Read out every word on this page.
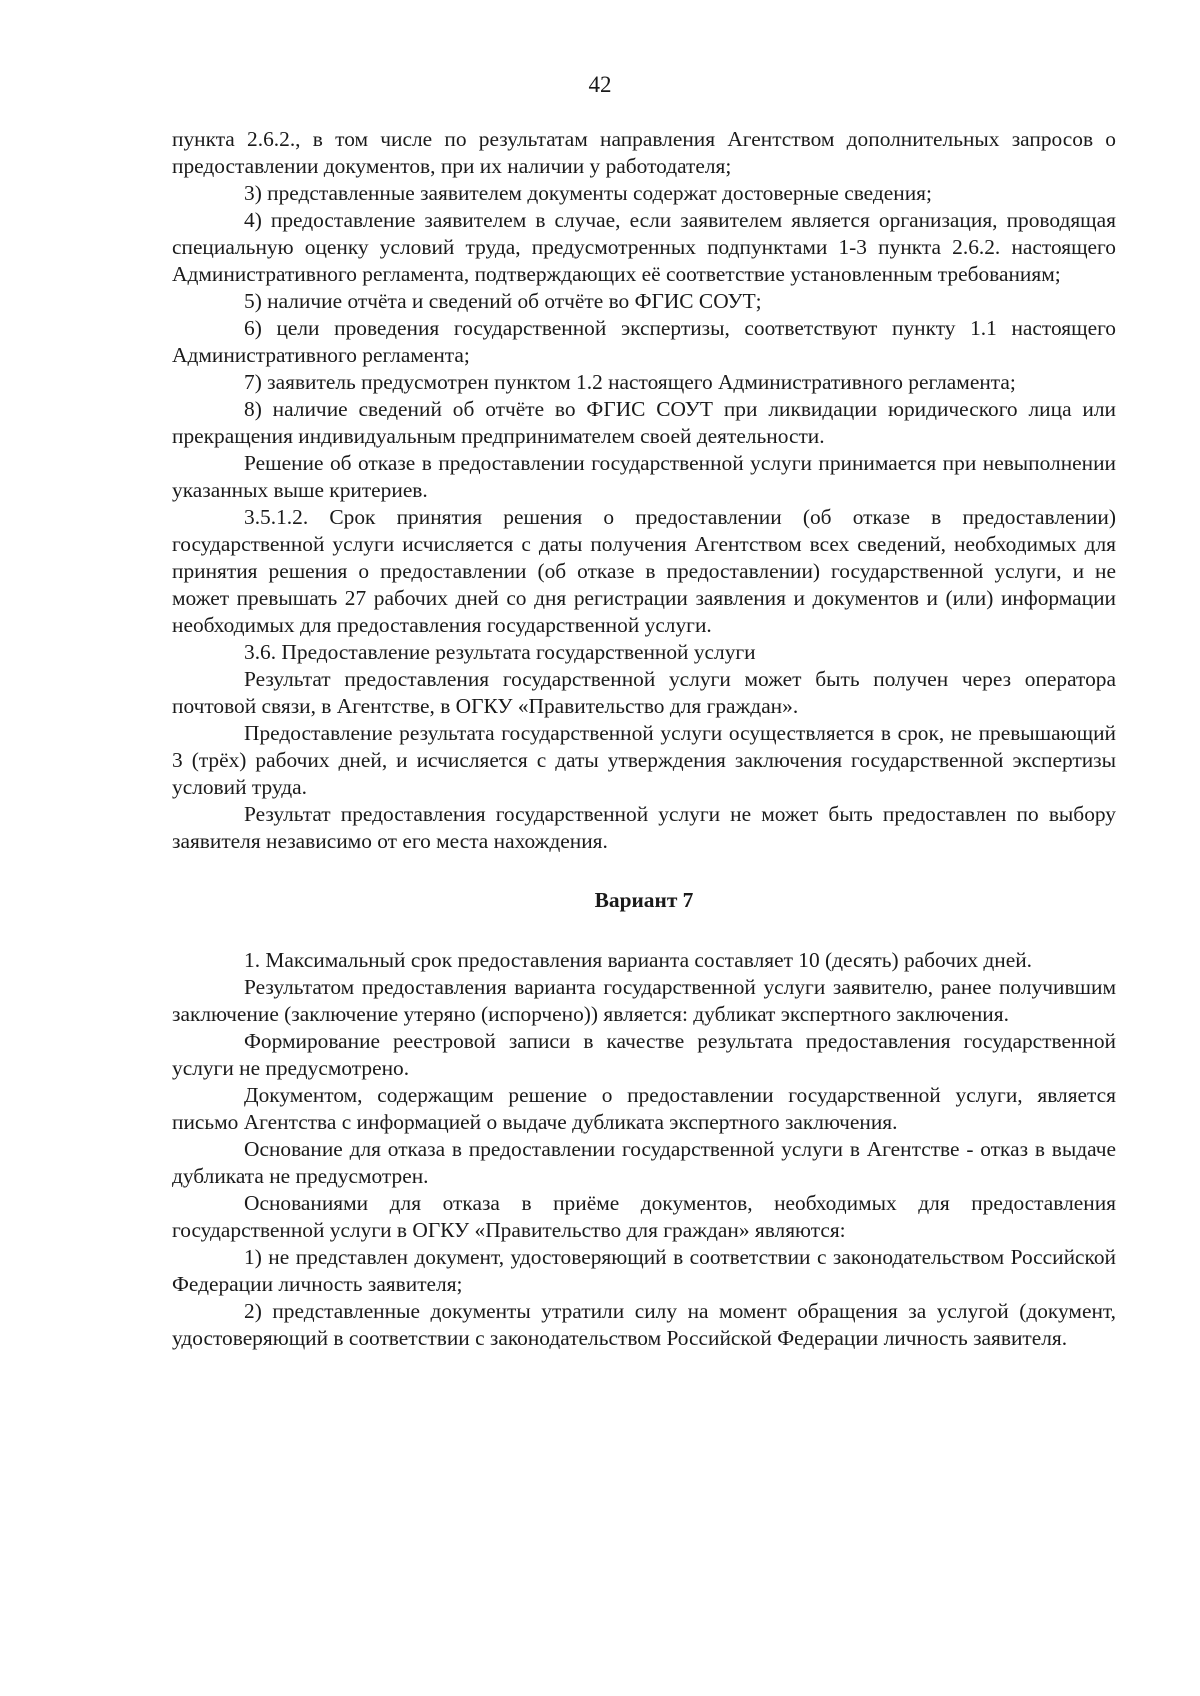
42

пункта 2.6.2., в том числе по результатам направления Агентством дополнительных запросов о предоставлении документов, при их наличии у работодателя;

3) представленные заявителем документы содержат достоверные сведения;

4) предоставление заявителем в случае, если заявителем является организация, проводящая специальную оценку условий труда, предусмотренных подпунктами 1-3 пункта 2.6.2. настоящего Административного регламента, подтверждающих её соответствие установленным требованиям;

5) наличие отчёта и сведений об отчёте во ФГИС СОУТ;

6) цели проведения государственной экспертизы, соответствуют пункту 1.1 настоящего Административного регламента;

7) заявитель предусмотрен пунктом 1.2 настоящего Административного регламента;

8) наличие сведений об отчёте во ФГИС СОУТ при ликвидации юридического лица или прекращения индивидуальным предпринимателем своей деятельности.

Решение об отказе в предоставлении государственной услуги принимается при невыполнении указанных выше критериев.

3.5.1.2. Срок принятия решения о предоставлении (об отказе в предоставлении) государственной услуги исчисляется с даты получения Агентством всех сведений, необходимых для принятия решения о предоставлении (об отказе в предоставлении) государственной услуги, и не может превышать 27 рабочих дней со дня регистрации заявления и документов и (или) информации необходимых для предоставления государственной услуги.

3.6. Предоставление результата государственной услуги

Результат предоставления государственной услуги может быть получен через оператора почтовой связи, в Агентстве, в ОГКУ «Правительство для граждан».

Предоставление результата государственной услуги осуществляется в срок, не превышающий 3 (трёх) рабочих дней, и исчисляется с даты утверждения заключения государственной экспертизы условий труда.

Результат предоставления государственной услуги не может быть предоставлен по выбору заявителя независимо от его места нахождения.

Вариант 7

1. Максимальный срок предоставления варианта составляет 10 (десять) рабочих дней.

Результатом предоставления варианта государственной услуги заявителю, ранее получившим заключение (заключение утеряно (испорчено)) является: дубликат экспертного заключения.

Формирование реестровой записи в качестве результата предоставления государственной услуги не предусмотрено.

Документом, содержащим решение о предоставлении государственной услуги, является письмо Агентства с информацией о выдаче дубликата экспертного заключения.

Основание для отказа в предоставлении государственной услуги в Агентстве - отказ в выдаче дубликата не предусмотрен.

Основаниями для отказа в приёме документов, необходимых для предоставления государственной услуги в ОГКУ «Правительство для граждан» являются:

1) не представлен документ, удостоверяющий в соответствии с законодательством Российской Федерации личность заявителя;

2) представленные документы утратили силу на момент обращения за услугой (документ, удостоверяющий в соответствии с законодательством Российской Федерации личность заявителя.
